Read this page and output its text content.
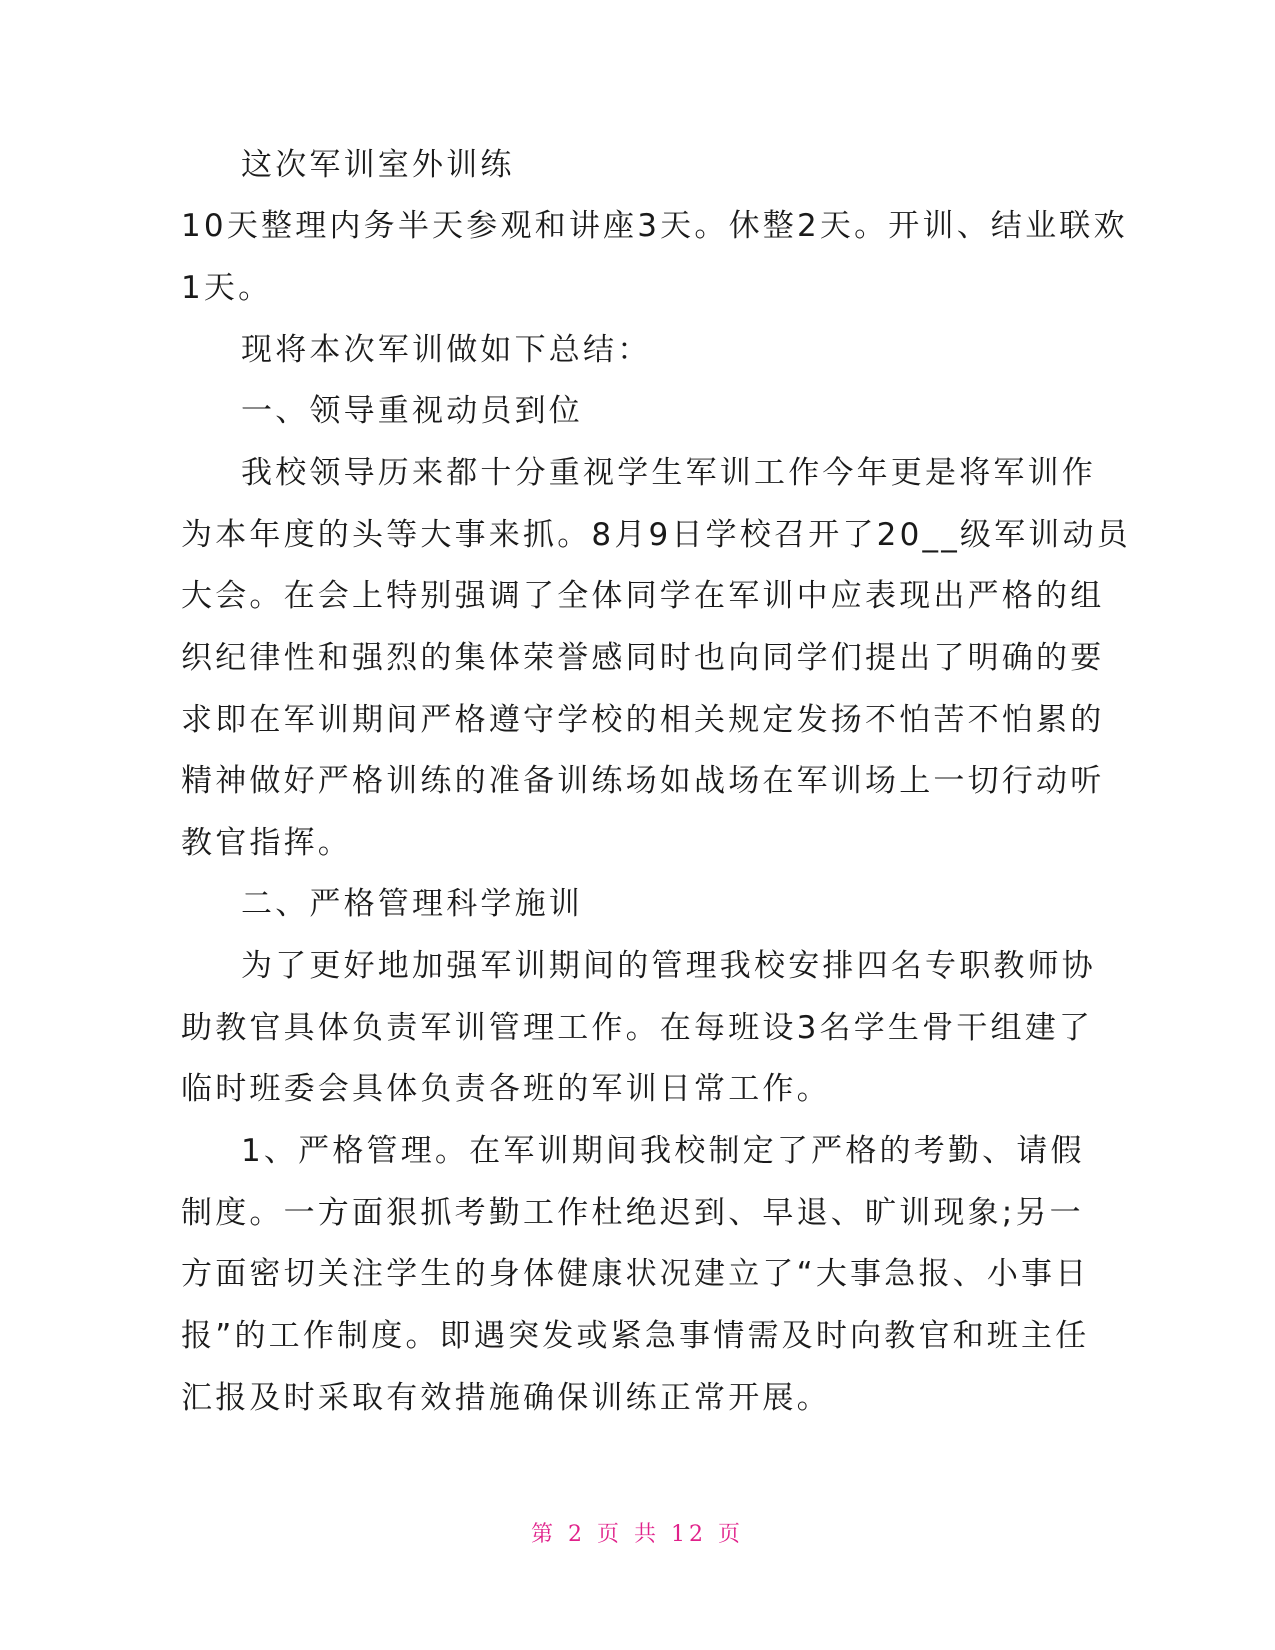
这次军训室外训练
10天整理内务半天参观和讲座3天。休整2天。开训、结业联欢
1天。
现将本次军训做如下总结：
一、领导重视动员到位
我校领导历来都十分重视学生军训工作今年更是将军训作
为本年度的头等大事来抓。8月9日学校召开了20__级军训动员
大会。在会上特别强调了全体同学在军训中应表现出严格的组
织纪律性和强烈的集体荣誉感同时也向同学们提出了明确的要
求即在军训期间严格遵守学校的相关规定发扬不怕苦不怕累的
精神做好严格训练的准备训练场如战场在军训场上一切行动听
教官指挥。
二、严格管理科学施训
为了更好地加强军训期间的管理我校安排四名专职教师协
助教官具体负责军训管理工作。在每班设3名学生骨干组建了
临时班委会具体负责各班的军训日常工作。
1、严格管理。在军训期间我校制定了严格的考勤、请假
制度。一方面狠抓考勤工作杜绝迟到、早退、旷训现象;另一
方面密切关注学生的身体健康状况建立了“大事急报、小事日
报”的工作制度。即遇突发或紧急事情需及时向教官和班主任
汇报及时采取有效措施确保训练正常开展。
第 2 页 共 12 页
